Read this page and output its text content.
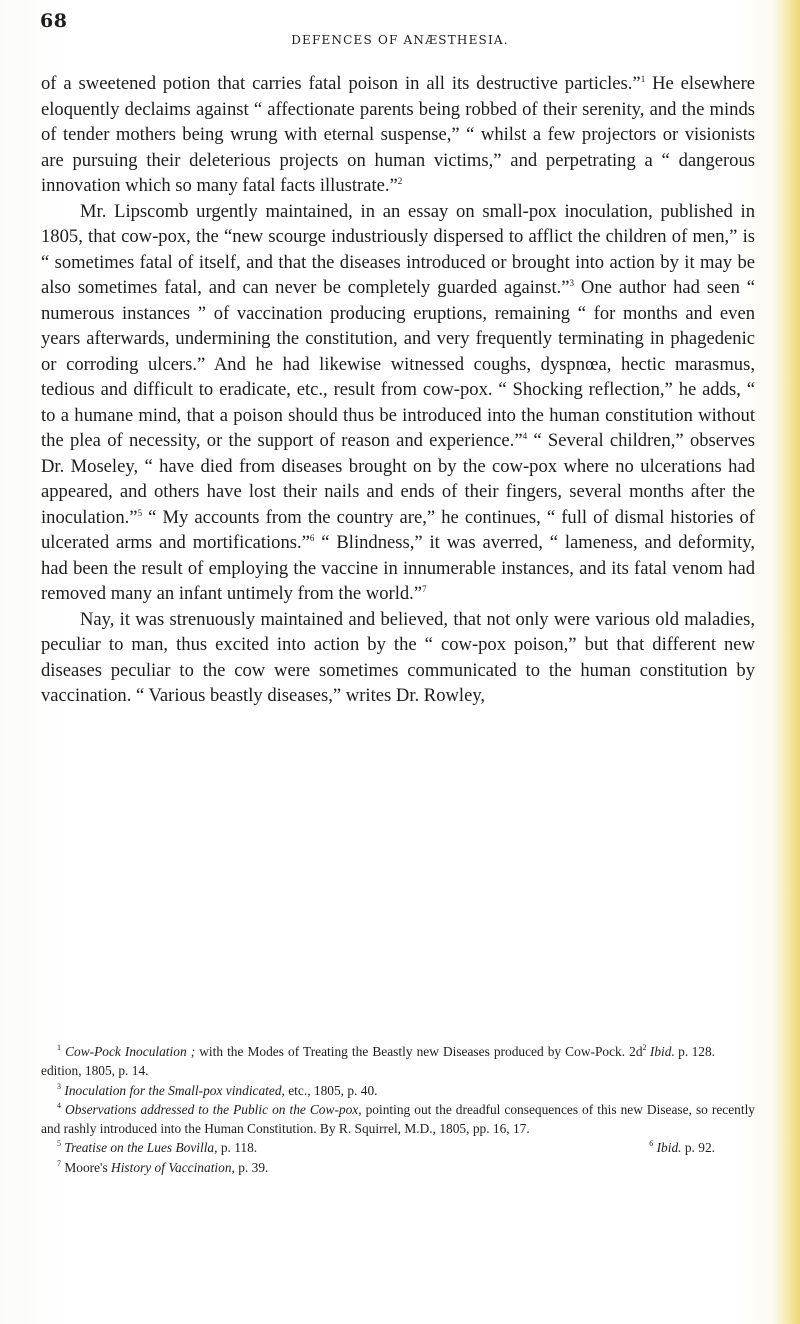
68
DEFENCES OF ANÆSTHESIA.

of a sweetened potion that carries fatal poison in all its destructive particles.”$^1$ He elsewhere eloquently declaims against “ affectionate parents being robbed of their serenity, and the minds of tender mothers being wrung with eternal suspense,” “ whilst a few projectors or visionists are pursuing their deleterious projects on human victims,” and perpetrating a “ dangerous innovation which so many fatal facts illustrate.”$^2$

Mr. Lipscomb urgently maintained, in an essay on small-pox inoculation, published in 1805, that cow-pox, the “new scourge industriously dispersed to afflict the children of men,” is “ sometimes fatal of itself, and that the diseases introduced or brought into action by it may be also sometimes fatal, and can never be completely guarded against.”$^3$ One author had seen “ numerous instances ” of vaccination producing eruptions, remaining “ for months and even years afterwards, undermining the constitution, and very frequently terminating in phagedenic or corroding ulcers.” And he had likewise witnessed coughs, dyspnœa, hectic marasmus, tedious and difficult to eradicate, etc., result from cow-pox. “ Shocking reflection,” he adds, “ to a humane mind, that a poison should thus be introduced into the human constitution without the plea of necessity, or the support of reason and experience.”$^4$ “ Several children,” observes Dr. Moseley, “ have died from diseases brought on by the cow-pox where no ulcerations had appeared, and others have lost their nails and ends of their fingers, several months after the inoculation.”$^5$ “ My accounts from the country are,” he continues, “ full of dismal histories of ulcerated arms and mortifications.”$^6$ “ Blindness,” it was averred, “ lameness, and deformity, had been the result of employing the vaccine in innumerable instances, and its fatal venom had removed many an infant untimely from the world.”$^7$

Nay, it was strenuously maintained and believed, that not only were various old maladies, peculiar to man, thus excited into action by the “ cow-pox poison,” but that different new diseases peculiar to the cow were sometimes communicated to the human constitution by vaccination. “ Various beastly diseases,” writes Dr. Rowley,

$^1$ Cow-Pock Inoculation ; with the Modes of Treating the Beastly new Diseases produced by Cow-Pock. 2d edition, 1805, p. 14.

$^2$ Ibid. p. 128.

$^3$ Inoculation for the Small-pox vindicated, etc., 1805, p. 40.

$^4$ Observations addressed to the Public on the Cow-pox, pointing out the dreadful consequences of this new Disease, so recently and rashly introduced into the Human Constitution. By R. Squirrel, M.D., 1805, pp. 16, 17.

$^5$ Treatise on the Lues Bovilla, p. 118.	$^6$ Ibid. p. 92.

$^7$ Moore's History of Vaccination, p. 39.
